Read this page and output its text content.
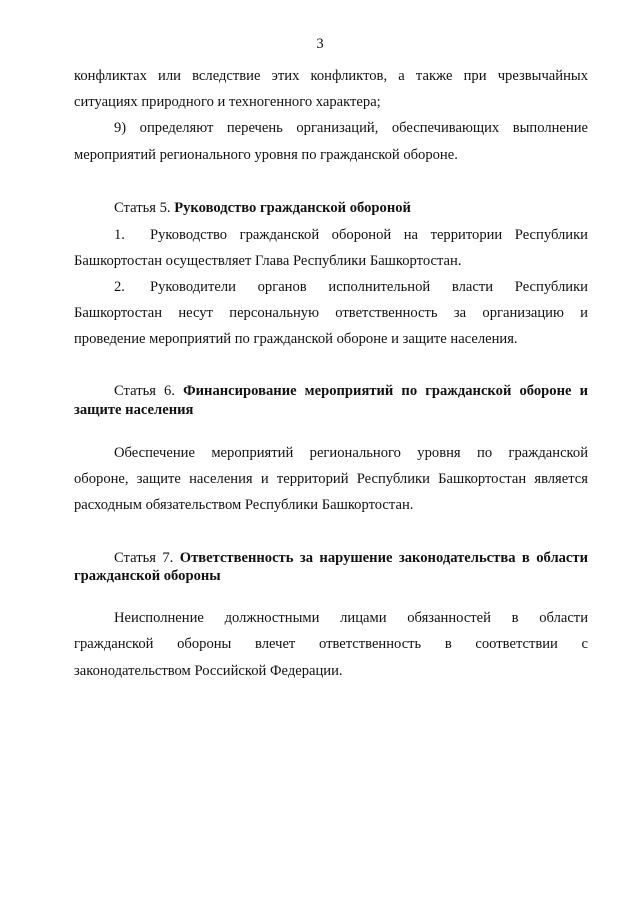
3
конфликтах или вследствие этих конфликтов, а также при чрезвычайных
ситуациях природного и техногенного характера;
9) определяют перечень организаций, обеспечивающих выполнение
мероприятий регионального уровня по гражданской обороне.
Статья 5. Руководство гражданской обороной
1. Руководство гражданской обороной на территории Республики
Башкортостан осуществляет Глава Республики Башкортостан.
2. Руководители органов исполнительной власти Республики
Башкортостан несут персональную ответственность за организацию и
проведение мероприятий по гражданской обороне и защите населения.
Статья 6. Финансирование мероприятий по гражданской обороне и
защите населения
Обеспечение мероприятий регионального уровня по гражданской
обороне, защите населения и территорий Республики Башкортостан является
расходным обязательством Республики Башкортостан.
Статья 7. Ответственность за нарушение законодательства в области
гражданской обороны
Неисполнение должностными лицами обязанностей в области
гражданской обороны влечет ответственность в соответствии с
законодательством Российской Федерации.
